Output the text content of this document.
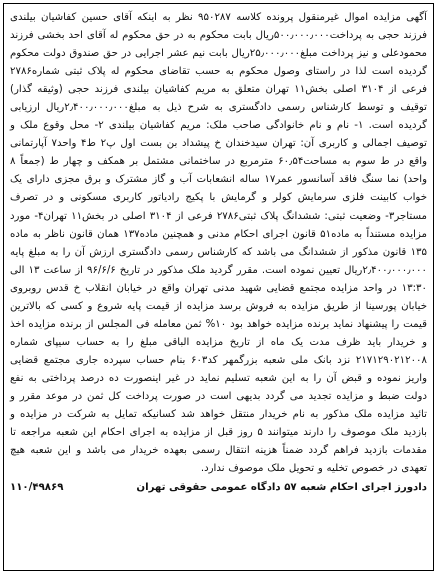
آگهی مزایده اموال غیرمنقول پرونده کلاسه ۹۵۰۲۸۷ نظر به اینکه آقای حسین کفاشیان بیلندی فرزند حجی به پرداخت۵۰۰٫۰۰۰٫۰۰۰ریال بابت محکوم به در حق محکوم له آقای احد بخشی فرزند محمودعلی و نیز پرداخت مبلغ۲۵٫۰۰۰٫۰۰۰ریال بابت نیم عشر اجرایی در حق صندوق دولت محکوم گردیده است لذا در راستای وصول محکوم به حسب تقاضای محکوم له پلاک ثبتی شماره۲۷۸۶ فرعی از ۳۱۰۴ اصلی بخش۱۱ تهران متعلق به مریم کفاشیان بیلندی فرزند حجی (وثیقه گذار) توقیف و توسط کارشناس رسمی دادگستری به شرح ذیل به مبلغ۲٫۴۰۰٫۰۰۰٫۰۰۰ریال ارزیابی گردیده است. ۱- نام و نام خانوادگی صاحب ملک: مریم کفاشیان بیلندی ۲- محل وقوع ملک و توصیف اجمالی و کاربری آن: تهران سیدخندان خ پیشداد بن بست اول پ۲ ط۴ واحد۷ آپارتمانی واقع در ط سوم به مساحت۶۰٫۵۴ مترمربع در ساختمانی مشتمل بر همکف و چهار ط (جمعاً ۸ واحد) نما سنگ فاقد آسانسور عمر۱۷ ساله انشعابات آب و گاز مشترک و برق مجزی دارای یک خواب کابینت فلزی سرمایش کولر و گرمایش با پکیج رادیاتور کاربری مسکونی و در تصرف مستاجر۳- وضعیت ثبتی: ششدانگ پلاک ثبتی۲۷۸۶ فرعی از ۳۱۰۴ اصلی در بخش۱۱ تهران۴- مورد مزایده مستنداً به ماده۵۱ قانون اجرای احکام مدنی و همچنین ماده۱۳۷ همان قانون ناظر به ماده ۱۳۵ قانون مذکور از ششدانگ می باشد که کارشناس رسمی دادگستری ارزش آن را به مبلغ پایه ۲٫۴۰۰٫۰۰۰٫۰۰۰ریال تعیین نموده است. مقرر گردید ملک مذکور در تاریخ ۹۶/۶/۶ از ساعت ۱۳ الی ۱۳:۳۰ در واحد مزایده مجتمع قضایی شهید مدنی تهران واقع در خیابان انقلاب خ قدس روبروی خیابان پورسینا از طریق مزایده به فروش برسد مزایده از قیمت پایه شروع و کسی که بالاترین قیمت را پیشنهاد نماید برنده مزایده خواهد بود ۱۰% ثمن معامله فی المجلس از برنده مزایده اخذ و خریدار باید ظرف مدت یک ماه از تاریخ مزایده الباقی مبلغ را به حساب سیپای شماره ۲۱۷۱۲۹۰۲۱۲۰۰۸ نزد بانک ملی شعبه بزرگمهر کد۶۰۳ بنام حساب سپرده جاری مجتمع قضایی واریز نموده و قبض آن را به این شعبه تسلیم نماید در غیر اینصورت ده درصد پرداختی به نفع دولت ضبط و مزایده تجدید می گردد بدیهی است در صورت پرداخت کل ثمن در موعد مقرر و تائید مزایده ملک مذکور به نام خریدار منتقل خواهد شد کسانیکه تمایل به شرکت در مزایده و بازدید ملک موصوف را دارند میتوانند ۵ روز قبل از مزایده به اجرای احکام این شعبه مراجعه تا مقدمات بازدید فراهم گردد ضمناً هزینه انتقال رسمی بعهده خریدار می باشد و این شعبه هیچ تعهدی در خصوص تخلیه و تحویل ملک موصوف ندارد.
دادورز اجرای احکام شعبه ۵۷ دادگاه عمومی حقوقی تهران
۱۱۰/۴۹۸۶۹
